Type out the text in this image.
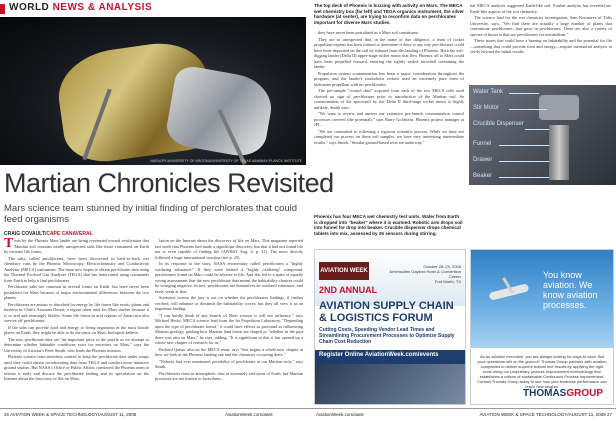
WORLD NEWS & ANALYSIS
NASA/JPL/UNIVERSITY OF ARIZONA/UNIVERSITY OF TEXAS A&M/MAX PLANCK INSTITUTE
Martian Chronicles Revisited
Mars science team stunned by initial finding of perchlorates that could feed organisms
CRAIG COVAULT/CAPE CANAVERAL

Tests by the Phoenix Mars lander are being reoriented toward verification that Martian soil contains totally unexpected salts like those consumed on Earth by extreme life forms.

The salts, called perchlorates, have been discovered in back-to-back wet chemistry runs by the Phoenix Microscopy, Electrochemistry and Conductivity Analyzer (MECA) instrument. The team now hopes to obtain perchlorate data using the Thermal Evolved Gas Analyzer (TEGA) that has been timed using commands from Earth to help it find perchlorates.

Perchlorate salts are common in several forms on Earth, but have never been postulated for Mars because of major environmental differences between the two planets.

Perchlorates are anions or absorbed for energy by life forms like exotic plants and bacteria in Chile's Atacama Desert, a region often used for Mars studies because it is so arid and seemingly lifeless. Some life forms in arid regions of Antarctica also survive off perchlorates.

If the salts can provide food and energy to living organisms in the most hostile places on Earth, they might be able to do the same on Mars, biologists believe.

The new perchlorate data are "an important piece in the puzzle as we attempt to determine whether habitable conditions exist for microbes on Mars," says the University of Arizona's Peter Smith, who leads the Phoenix mission.

Phoenix science team members wanted to keep the perchlorate data under wraps until they could obtain corroborating data from TEGA and conduct more intensive ground studies. But NASA's Office of Public Affairs convinced the Phoenix team to release it early and discuss the perchlorate finding and its speculation on the Internet about the discovery of life on Mars.

lation on the Internet about the discovery of life on Mars. This magazine reported last week that Phoenix had made a significant discovery, but that it had not found life nor is even capable of finding life (AW&ST Aug. 4, p. 31). The news directly followed a huge international reaction (see p. 25).

In its response to the story, NASA erroneously called perchlorates a "highly oxidizing substance." If they were indeed a "highly oxidizing" compound, perchlorates found on Mars could be adverse to life. And this led to a spate of equally wrong assessments that the new perchlorate data meant the habitability chances could be swinging negative. In fact, perchlorates are themselves an oxidized substance, and fairly weak at that.

Scientists concur the jury is out on whether the perchlorates findings, if further verified, will enhance or diminish the habitability scores, but they all view it as an important finding.

"I can hardly think of any branch of Mars science it will not influence," says Michael Hecht, MECA science lead from the Jet Propulsion Laboratory. "Depending upon the type of perchlorate found," it could have effects as profound as influencing Martian geology, guiding how Martian land forms are shaped or "whether in the past there was rain on Mars," he says, adding, "It is significant in that it has opened up a whole new chapter of research for us."

Richard Quinn, also on the MECA team, says "this begins a whole new chapter in how we look at the Phoenix landing site and the chemistry occurring there."

"Nobody had ever mentioned possibility of perchlorate in our Martian soils," says Smith.

Perchlorates form in atmospheric dust in extremely arid areas of Earth, but Martian processes are not known to form them.

The top deck of Phoenix is buzzing with activity on Mars. The MECA wet chemistry box (far left) and TEGA organics instrument, the silver hardware (at center), are trying to reconfirm data on perchlorates important for diverse Mars studies.

they have never been postulated as a Mars soil constituent.

They are so unexpected that, in the name of due diligence, a team of rocket propulsion experts has been formed to determine if there is any way perchlorates could have been deposited on the soil by exhaust from the landing of Phoenix. Both the soil-digging lander (Delta II) upper-stage rocket motor that flew Phoenix off to Mars could have been propelled forward, entering the rightly sealed aeroshell containing the lander.

Propulsion system contamination has been a major consideration throughout the program, and the lander's touchdown rockets used an extremely pure form of hydrazine propellant with no perchlorates.

The pre-sample "control data" acquired from each of the two MECA cells used showed no sign of perchlorates prior to introduction of the Martian soil. So contamination of the spacecraft by the Delta II third-stage rocket motor is highly unlikely, Smith says.

"We want to review and answer our extensive pre-launch contamination control processes covered (the potential)," says Barry Goldstein, Phoenix project manager at JPL.

"We are committed to following a rigorous scientific process. While we have not completed our process on those soil samples, we have very interesting intermediate results," says Smith. "Similar ground-based tests are underway."

Phoenix has four MECA wet chemistry test units. Water from Earth is dropped into "beaker" where it is warmed. Robotic arm drops soil into funnel for drop into beaker. Crucible dispenser drops chemical tablets into mix, assessed by 26 sensors during stirring.

tial MECA analyses suggested Earth-like soil. Further analysis has revealed un-Earth-like aspects of the soil chemistry.

The science lead for the wet chemistry investigation, Sam Kounaves of Tufts University, says, "We find there are actually a large number of plants that concentrate perchlorates, that grow in perchlorates. There are also a variety of species of bacteria that use perchlorates for metabolism."

These issues that could have a bearing on habitability and the potential for life—something that could provide food and energy—require substantial analysis to verify beyond the initial results.

Water Tank
Stir Motor
Crucible Dispenser
Funnel
Drawer
Beaker
AVIATION WEEK
October 28–29, 2008
Amerisuites Gaylord Hotel & Convention Center
Fort Worth, TX
2ND ANNUAL
AVIATION SUPPLY CHAIN & LOGISTICS FORUM
Cutting Costs, Speeding Vendor Lead Times and Streamlining Procurement Processes to Optimize Supply Chain Cost Reduction
Register Online AviationWeek.com/events
You know aviation. We know aviation processes.
As an aviation executive, you are always looking for ways to save. But your operations still on the ground? Thomas Group partners with aviation companies to deliver superior bottom line results by applying the right tools using our proprietary process improvement methodology that establishes a culture of sustainable Continuous Process Improvement. Contact Thomas Group today to see how your business performance can reach new heights.
THOMASGROUP
26 AVIATION WEEK & SPACE TECHNOLOGY/AUGUST 11, 2008	AviationWeek.com/awst	AviationWeek.com/awst	AVIATION WEEK & SPACE TECHNOLOGY/AUGUST 11, 2008 27
